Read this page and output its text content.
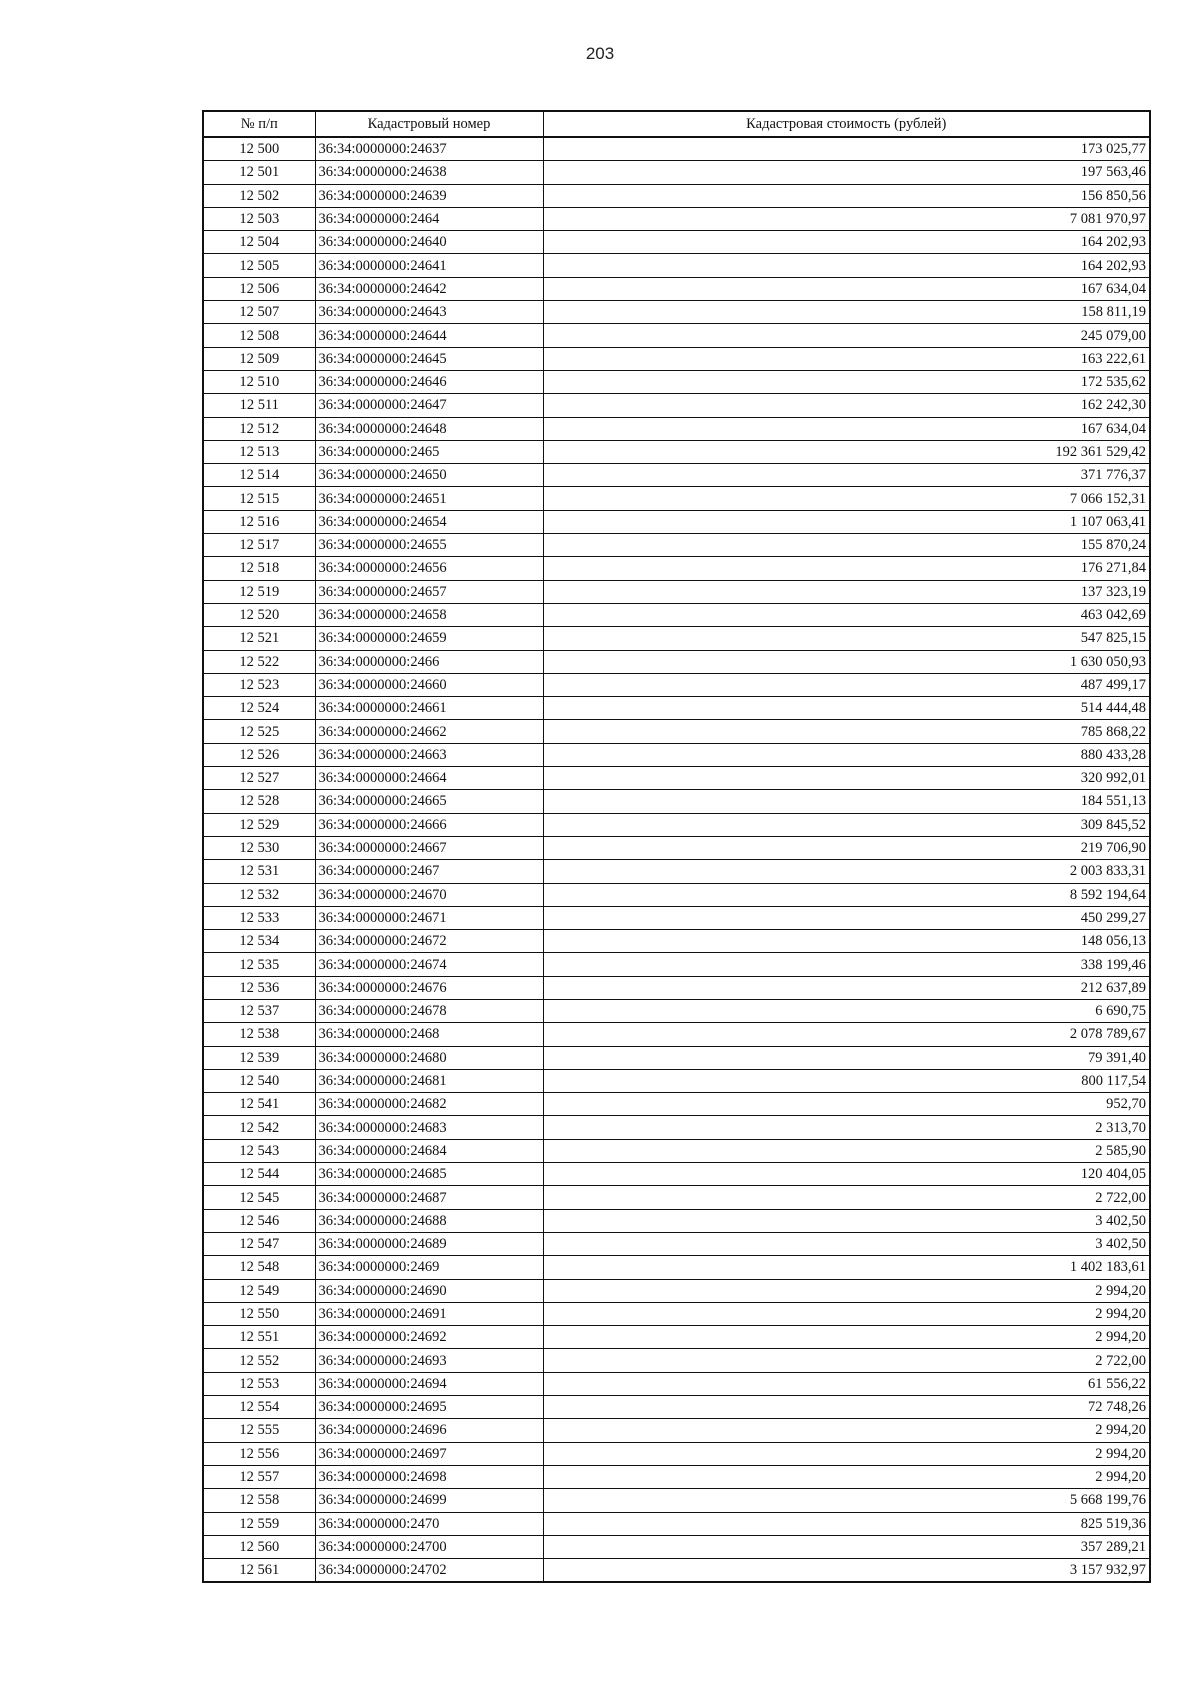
203
№ п/п	Кадастровый номер	Кадастровая стоимость (рублей)
12 500	36:34:0000000:24637	173 025,77
12 501	36:34:0000000:24638	197 563,46
12 502	36:34:0000000:24639	156 850,56
12 503	36:34:0000000:2464	7 081 970,97
12 504	36:34:0000000:24640	164 202,93
12 505	36:34:0000000:24641	164 202,93
12 506	36:34:0000000:24642	167 634,04
12 507	36:34:0000000:24643	158 811,19
12 508	36:34:0000000:24644	245 079,00
12 509	36:34:0000000:24645	163 222,61
12 510	36:34:0000000:24646	172 535,62
12 511	36:34:0000000:24647	162 242,30
12 512	36:34:0000000:24648	167 634,04
12 513	36:34:0000000:2465	192 361 529,42
12 514	36:34:0000000:24650	371 776,37
12 515	36:34:0000000:24651	7 066 152,31
12 516	36:34:0000000:24654	1 107 063,41
12 517	36:34:0000000:24655	155 870,24
12 518	36:34:0000000:24656	176 271,84
12 519	36:34:0000000:24657	137 323,19
12 520	36:34:0000000:24658	463 042,69
12 521	36:34:0000000:24659	547 825,15
12 522	36:34:0000000:2466	1 630 050,93
12 523	36:34:0000000:24660	487 499,17
12 524	36:34:0000000:24661	514 444,48
12 525	36:34:0000000:24662	785 868,22
12 526	36:34:0000000:24663	880 433,28
12 527	36:34:0000000:24664	320 992,01
12 528	36:34:0000000:24665	184 551,13
12 529	36:34:0000000:24666	309 845,52
12 530	36:34:0000000:24667	219 706,90
12 531	36:34:0000000:2467	2 003 833,31
12 532	36:34:0000000:24670	8 592 194,64
12 533	36:34:0000000:24671	450 299,27
12 534	36:34:0000000:24672	148 056,13
12 535	36:34:0000000:24674	338 199,46
12 536	36:34:0000000:24676	212 637,89
12 537	36:34:0000000:24678	6 690,75
12 538	36:34:0000000:2468	2 078 789,67
12 539	36:34:0000000:24680	79 391,40
12 540	36:34:0000000:24681	800 117,54
12 541	36:34:0000000:24682	952,70
12 542	36:34:0000000:24683	2 313,70
12 543	36:34:0000000:24684	2 585,90
12 544	36:34:0000000:24685	120 404,05
12 545	36:34:0000000:24687	2 722,00
12 546	36:34:0000000:24688	3 402,50
12 547	36:34:0000000:24689	3 402,50
12 548	36:34:0000000:2469	1 402 183,61
12 549	36:34:0000000:24690	2 994,20
12 550	36:34:0000000:24691	2 994,20
12 551	36:34:0000000:24692	2 994,20
12 552	36:34:0000000:24693	2 722,00
12 553	36:34:0000000:24694	61 556,22
12 554	36:34:0000000:24695	72 748,26
12 555	36:34:0000000:24696	2 994,20
12 556	36:34:0000000:24697	2 994,20
12 557	36:34:0000000:24698	2 994,20
12 558	36:34:0000000:24699	5 668 199,76
12 559	36:34:0000000:2470	825 519,36
12 560	36:34:0000000:24700	357 289,21
12 561	36:34:0000000:24702	3 157 932,97
